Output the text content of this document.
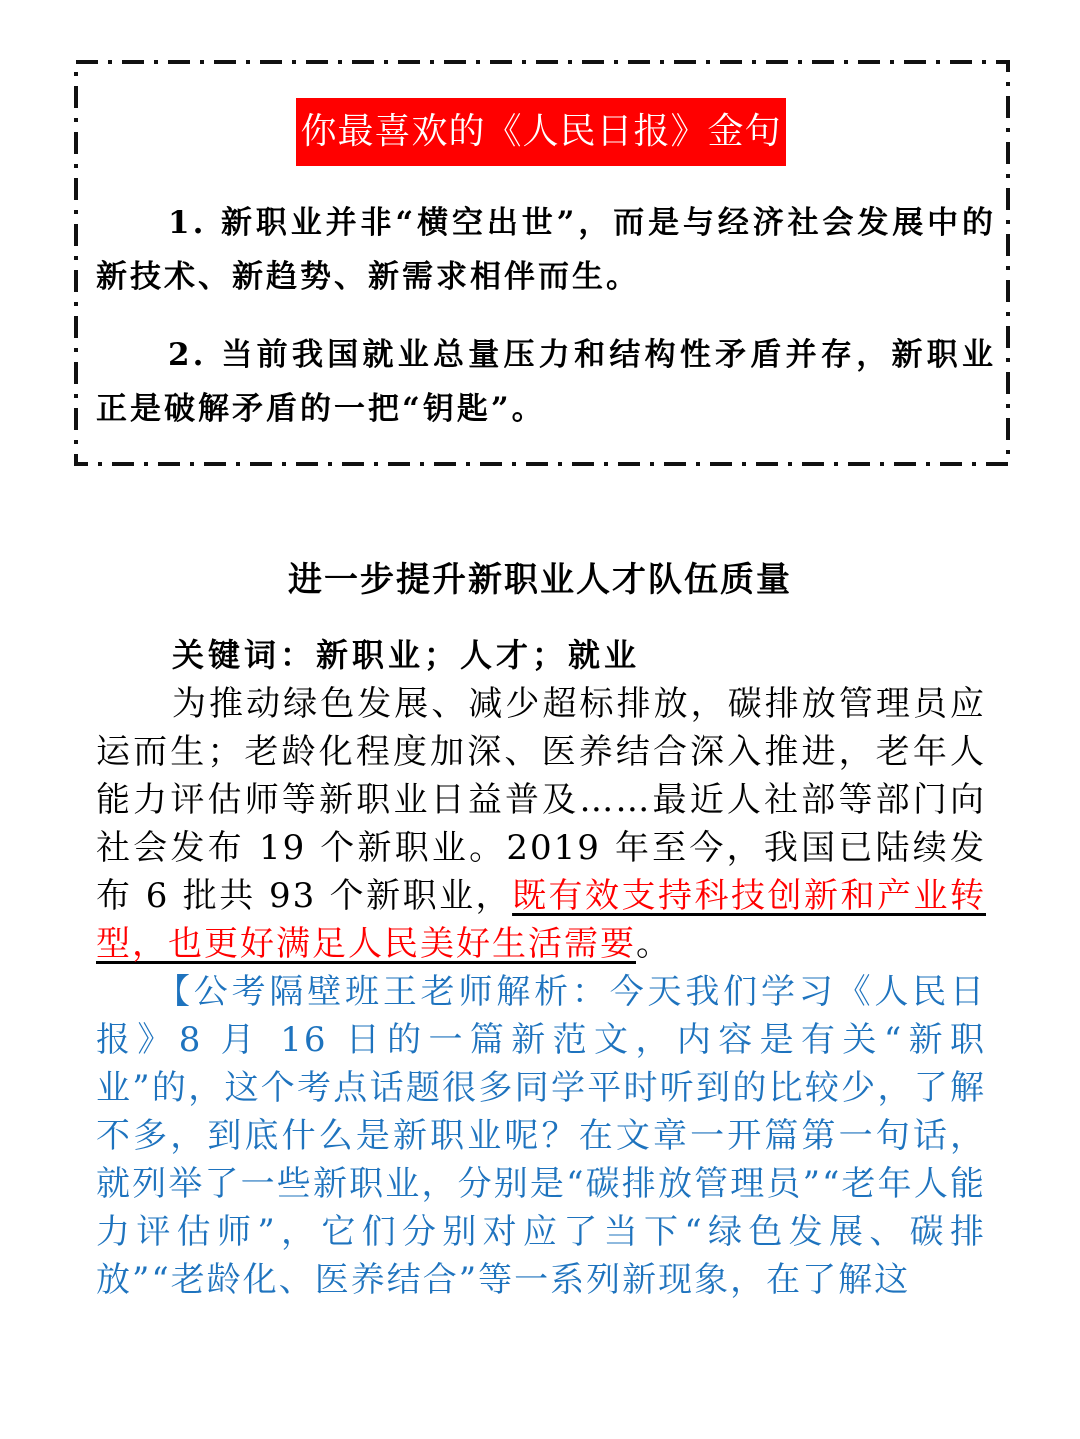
你最喜欢的《人民日报》金句

1. 新职业并非“横空出世”，而是与经济社会发展中的新技术、新趋势、新需求相伴而生。

2. 当前我国就业总量压力和结构性矛盾并存，新职业正是破解矛盾的一把“钥匙”。

进一步提升新职业人才队伍质量

关键词：新职业；人才；就业

为推动绿色发展、减少超标排放，碳排放管理员应运而生；老龄化程度加深、医养结合深入推进，老年人能力评估师等新职业日益普及……最近人社部等部门向社会发布 19 个新职业。2019 年至今，我国已陆续发布 6 批共 93 个新职业，既有效支持科技创新和产业转型，也更好满足人民美好生活需要。

【公考隔壁班王老师解析：今天我们学习《人民日报》8 月 16 日的一篇新范文，内容是有关“新职业”的，这个考点话题很多同学平时听到的比较少，了解不多，到底什么是新职业呢？在文章一开篇第一句话，就列举了一些新职业，分别是“碳排放管理员”“老年人能力评估师”，它们分别对应了当下“绿色发展、碳排放”“老龄化、医养结合”等一系列新现象，在了解这
